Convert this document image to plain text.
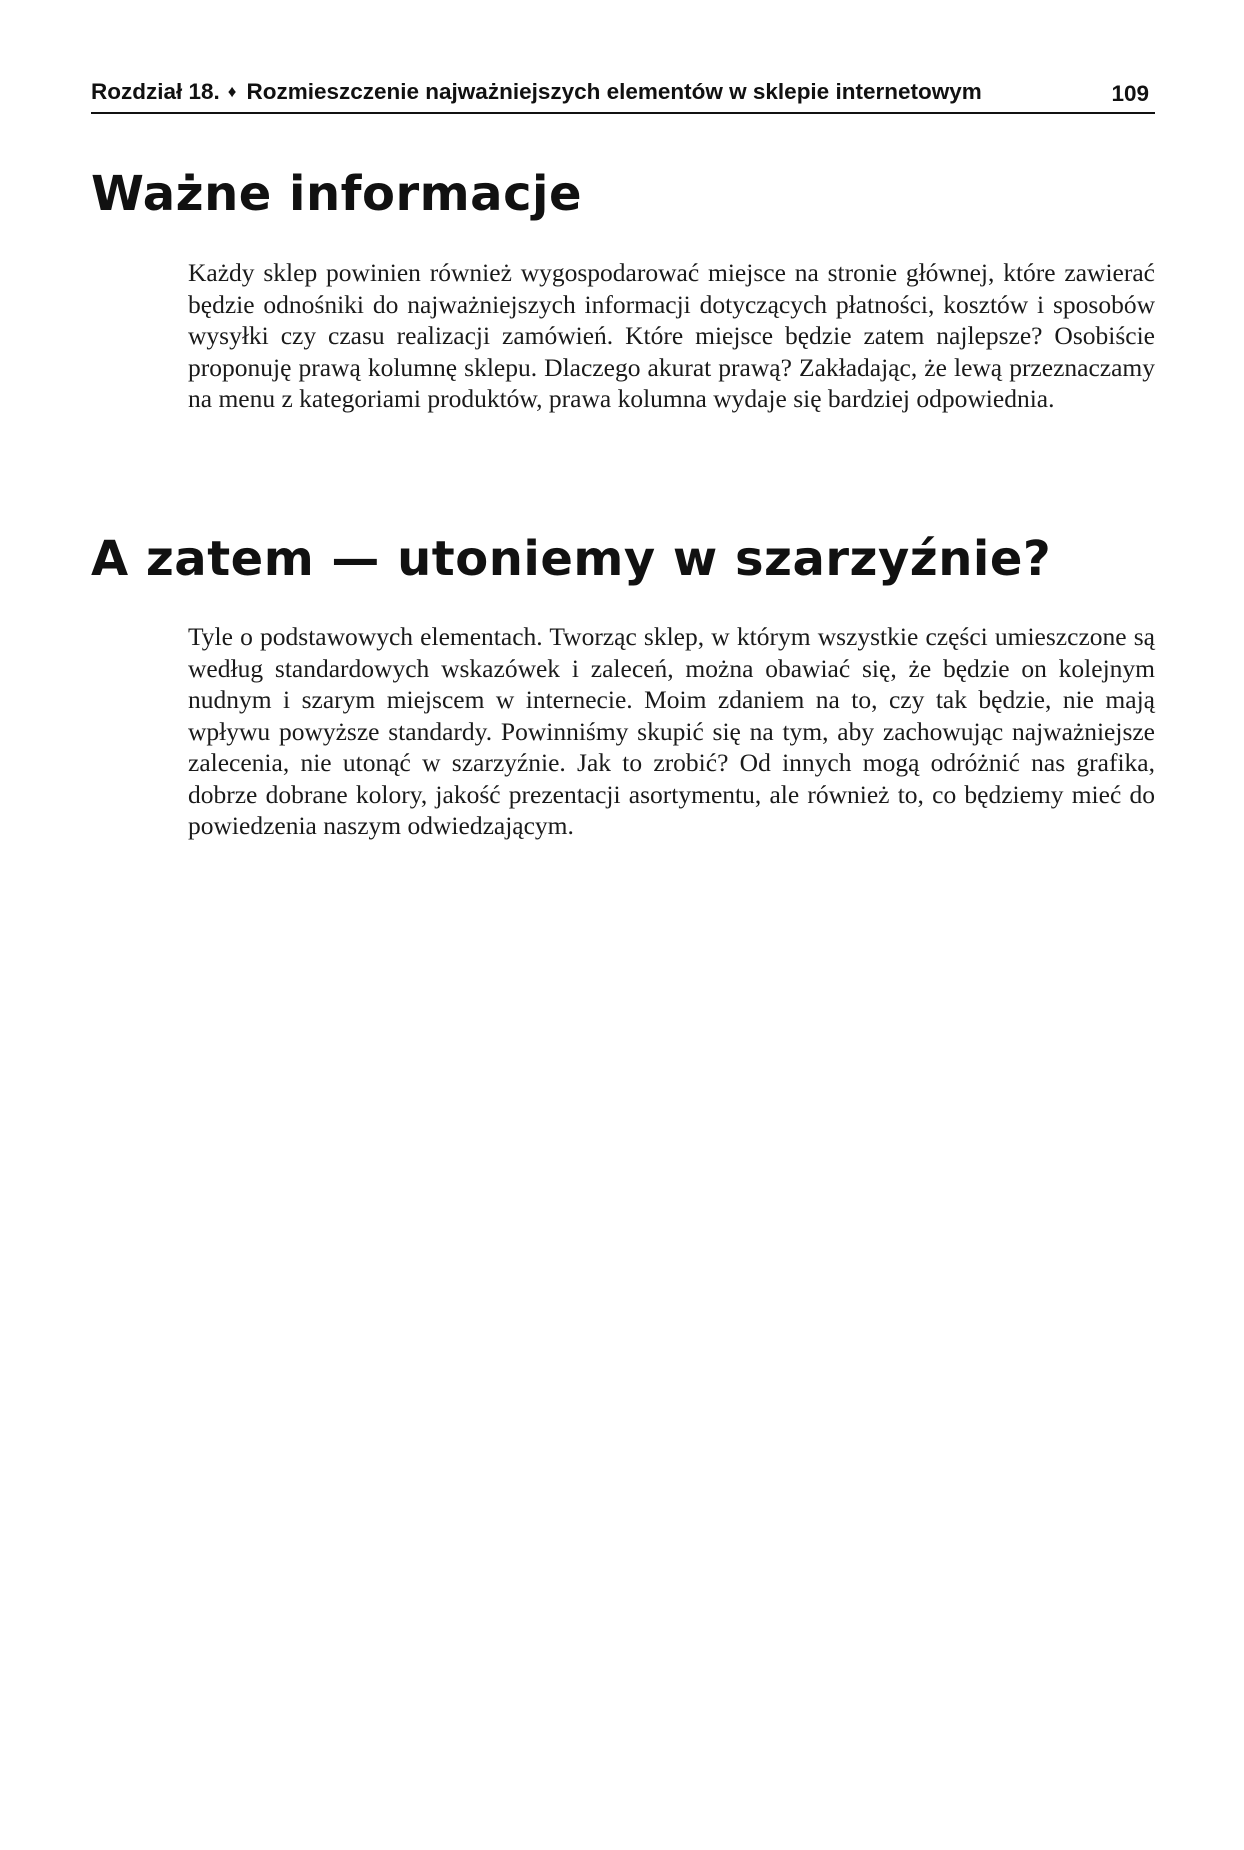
Rozdział 18. ♦ Rozmieszczenie najważniejszych elementów w sklepie internetowym	109
Ważne informacje

Każdy sklep powinien również wygospodarować miejsce na stronie głównej, które zawierać będzie odnośniki do najważniejszych informacji dotyczących płatności, kosztów i sposobów wysyłki czy czasu realizacji zamówień. Które miejsce będzie zatem najlepsze? Osobiście proponuję prawą kolumnę sklepu. Dlaczego akurat prawą? Zakładając, że lewą przeznaczamy na menu z kategoriami produktów, prawa kolumna wydaje się bardziej odpowiednia.

A zatem — utoniemy w szarzyźnie?

Tyle o podstawowych elementach. Tworząc sklep, w którym wszystkie części umieszczone są według standardowych wskazówek i zaleceń, można obawiać się, że będzie on kolejnym nudnym i szarym miejscem w internecie. Moim zdaniem na to, czy tak będzie, nie mają wpływu powyższe standardy. Powinniśmy skupić się na tym, aby zachowując najważniejsze zalecenia, nie utonąć w szarzyźnie. Jak to zrobić? Od innych mogą odróżnić nas grafika, dobrze dobrane kolory, jakość prezentacji asortymentu, ale również to, co będziemy mieć do powiedzenia naszym odwiedzającym.
